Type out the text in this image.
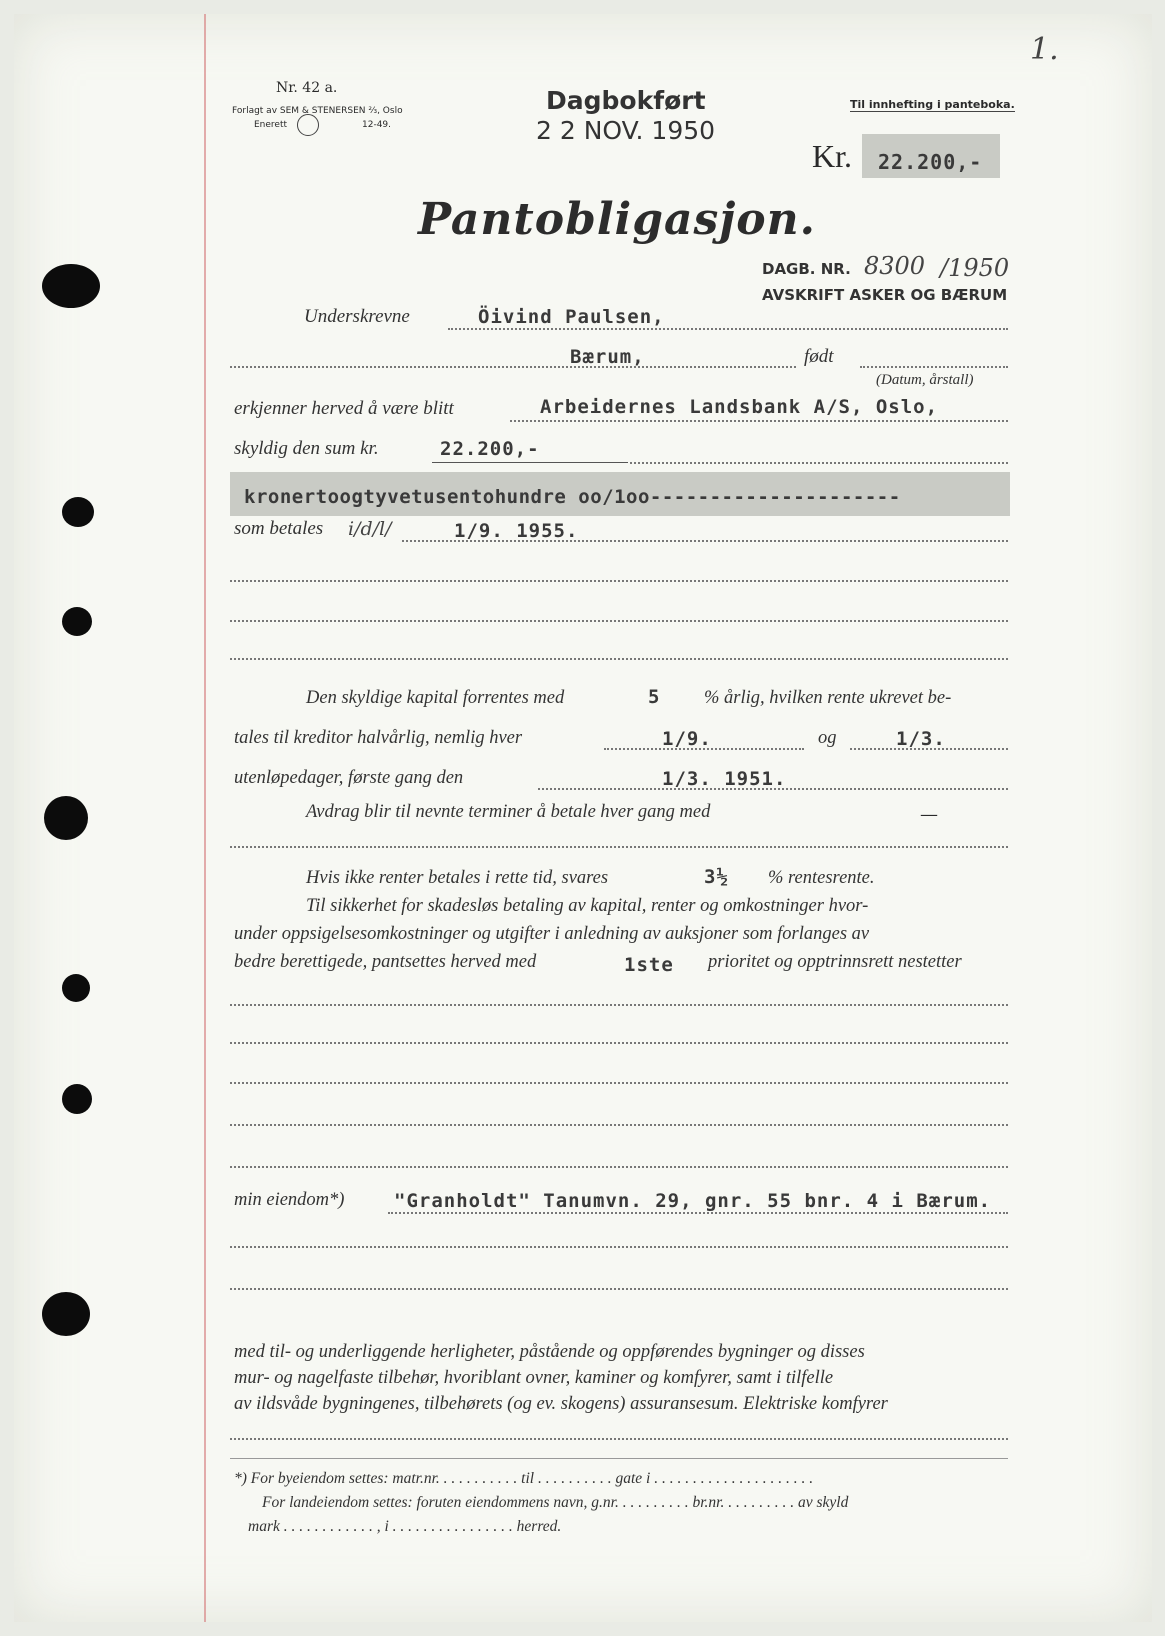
1.
Nr. 42 a.
Forlagt av SEM & STENERSEN ⅔, Oslo
Enerett	12-49.
Dagbokført
2 2 NOV. 1950
Til innhefting i panteboka.
Kr. 22.200,-
Pantobligasjon.
DAGB. NR. 8300 /1950
AVSKRIFT ASKER OG BÆRUM
Underskrevne	Öivind Paulsen,
Bærum,	født
(Datum, årstall)
erkjenner herved å være blitt	Arbeidernes Landsbank A/S, Oslo,
skyldig den sum kr.	22.200,-
kronertoogtyvetusentohundre oo/1oo---------------------
som betales i/d/l/	1/9. 1955.
Den skyldige kapital forrentes med	5 % årlig, hvilken rente ukrevet be-
tales til kreditor halvårlig, nemlig hver	1/9.	og	1/3.
utenløpedager, første gang den	1/3. 1951.
Avdrag blir til nevnte terminer å betale hver gang med	—
Hvis ikke renter betales i rette tid, svares	3½ % rentesrente.
Til sikkerhet for skadesløs betaling av kapital, renter og omkostninger hvor-
under oppsigelsesomkostninger og utgifter i anledning av auksjoner som forlanges av
bedre berettigede, pantsettes herved med	1ste prioritet og opptrinnsrett nestetter
min eiendom*)	"Granholdt" Tanumvn. 29, gnr. 55 bnr. 4 i Bærum.
med til- og underliggende herligheter, påstående og oppførendes bygninger og disses
mur- og nagelfaste tilbehør, hvoriblant ovner, kaminer og komfyrer, samt i tilfelle
av ildsvåde bygningenes, tilbehørets (og ev. skogens) assuransesum. Elektriske komfyrer
*) For byeiendom settes: matr.nr. . . . . . . . . . . til . . . . . . . . . . gate i . . . . . . . . . . . . . . . . . . . . .
For landeiendom settes: foruten eiendommens navn, g.nr. . . . . . . . . . br.nr. . . . . . . . . . av skyld
mark . . . . . . . . . . . . , i . . . . . . . . . . . . . . . . herred.
